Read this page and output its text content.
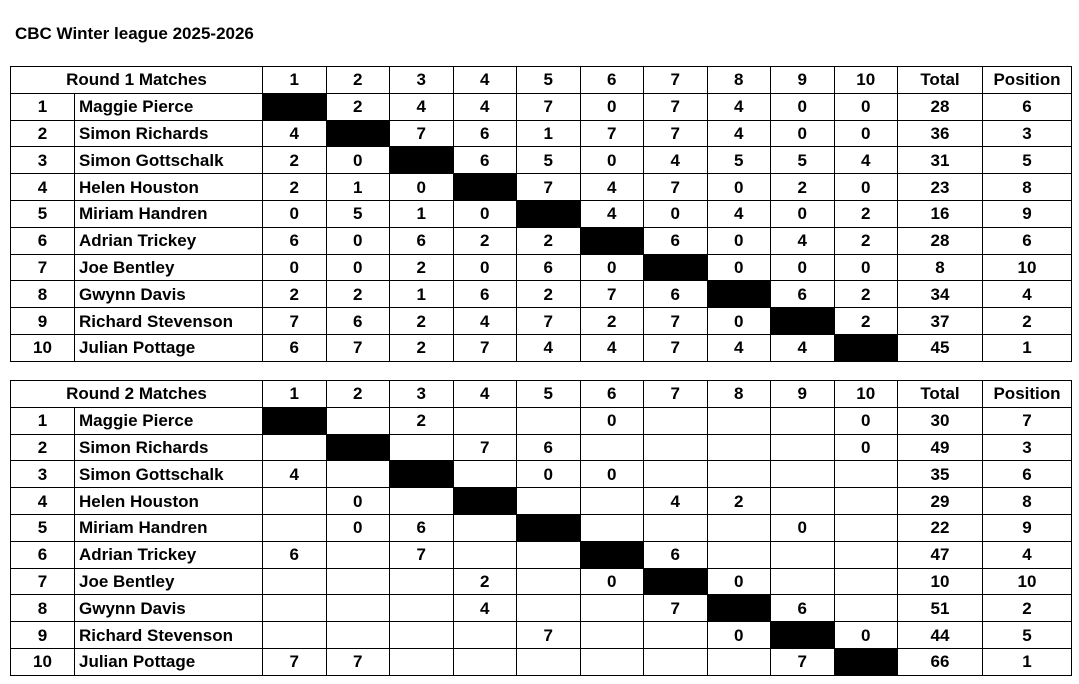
CBC Winter league 2025-2026
Round 1 Matches		1	2	3	4	5	6	7	8	9	10	Total	Position
1	Maggie Pierce		2	4	4	7	0	7	4	0	0	28	6
2	Simon Richards	4		7	6	1	7	7	4	0	0	36	3
3	Simon Gottschalk	2	0		6	5	0	4	5	5	4	31	5
4	Helen Houston	2	1	0		7	4	7	0	2	0	23	8
5	Miriam Handren	0	5	1	0		4	0	4	0	2	16	9
6	Adrian Trickey	6	0	6	2	2		6	0	4	2	28	6
7	Joe Bentley	0	0	2	0	6	0		0	0	0	8	10
8	Gwynn Davis	2	2	1	6	2	7	6		6	2	34	4
9	Richard Stevenson	7	6	2	4	7	2	7	0		2	37	2
10	Julian Pottage	6	7	2	7	4	4	7	4	4		45	1
Round 2 Matches		1	2	3	4	5	6	7	8	9	10	Total	Position
1	Maggie Pierce			2			0				0	30	7
2	Simon Richards				7	6					0	49	3
3	Simon Gottschalk	4				0	0					35	6
4	Helen Houston		0					4	2			29	8
5	Miriam Handren		0	6						0		22	9
6	Adrian Trickey	6		7				6				47	4
7	Joe Bentley				2		0		0			10	10
8	Gwynn Davis				4			7		6		51	2
9	Richard Stevenson					7			0		0	44	5
10	Julian Pottage	7	7							7		66	1
